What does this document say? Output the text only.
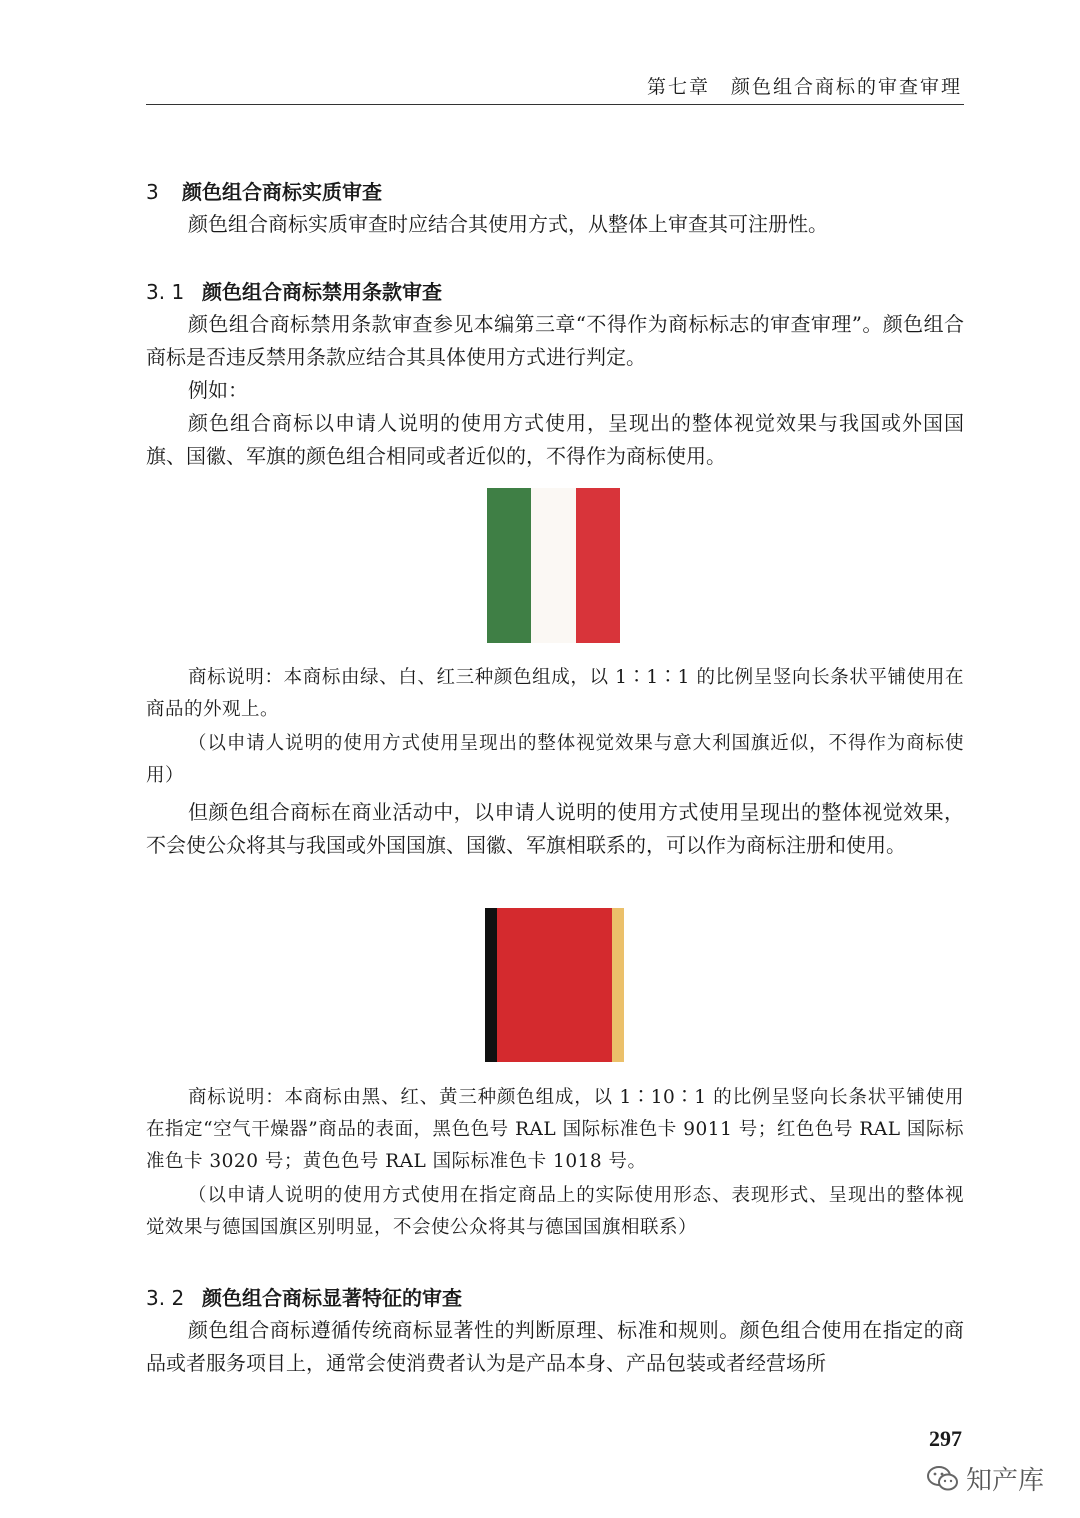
第七章　颜色组合商标的审查审理
3 颜色组合商标实质审查
颜色组合商标实质审查时应结合其使用方式，从整体上审查其可注册性。
3. 1 颜色组合商标禁用条款审查
颜色组合商标禁用条款审查参见本编第三章“不得作为商标标志的审查审理”。颜色组合商标是否违反禁用条款应结合其具体使用方式进行判定。
例如：
颜色组合商标以申请人说明的使用方式使用，呈现出的整体视觉效果与我国或外国国旗、国徽、军旗的颜色组合相同或者近似的，不得作为商标使用。
商标说明：本商标由绿、白、红三种颜色组成，以 1∶1∶1 的比例呈竖向长条状平铺使用在商品的外观上。
（以申请人说明的使用方式使用呈现出的整体视觉效果与意大利国旗近似，不得作为商标使用）
但颜色组合商标在商业活动中，以申请人说明的使用方式使用呈现出的整体视觉效果，不会使公众将其与我国或外国国旗、国徽、军旗相联系的，可以作为商标注册和使用。
商标说明：本商标由黑、红、黄三种颜色组成，以 1∶10∶1 的比例呈竖向长条状平铺使用在指定“空气干燥器”商品的表面，黑色色号 RAL 国际标准色卡 9011 号；红色色号 RAL 国际标准色卡 3020 号；黄色色号 RAL 国际标准色卡 1018 号。
（以申请人说明的使用方式使用在指定商品上的实际使用形态、表现形式、呈现出的整体视觉效果与德国国旗区别明显，不会使公众将其与德国国旗相联系）
3. 2 颜色组合商标显著特征的审查
颜色组合商标遵循传统商标显著性的判断原理、标准和规则。颜色组合使用在指定的商品或者服务项目上，通常会使消费者认为是产品本身、产品包装或者经营场所
297
知产库
